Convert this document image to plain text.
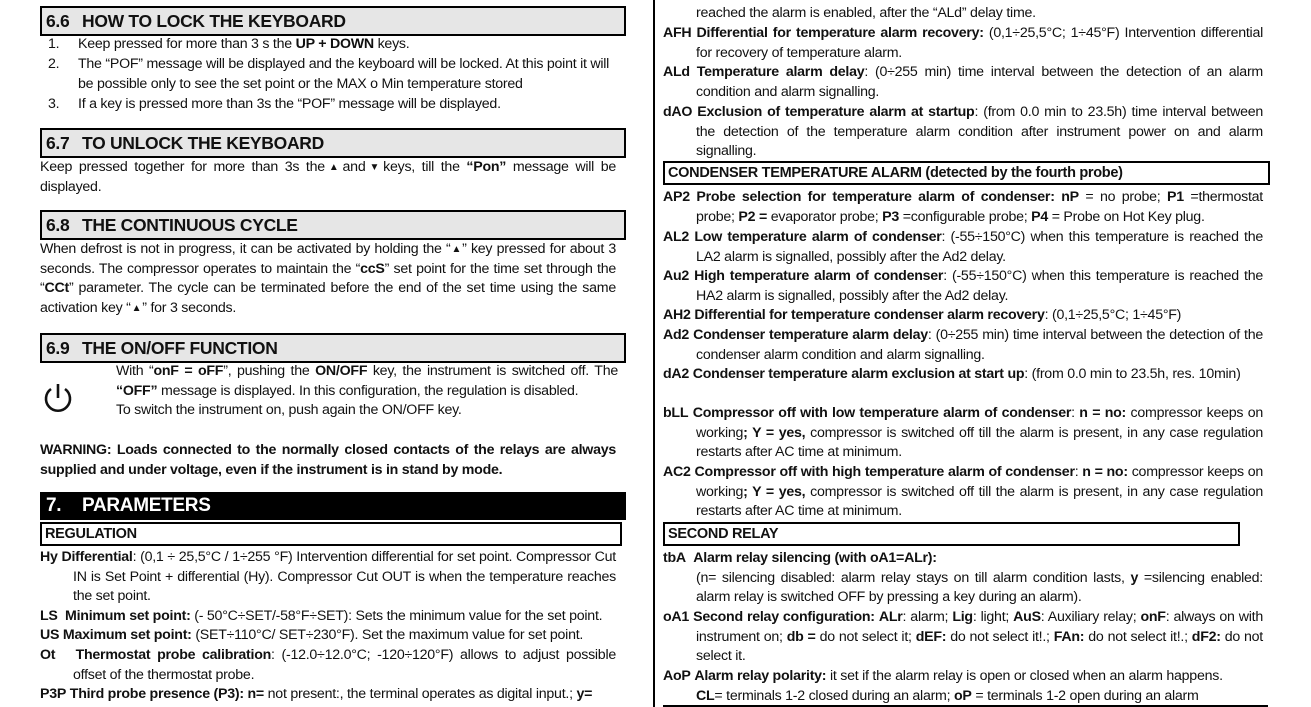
6.6 HOW TO LOCK THE KEYBOARD
1.	Keep pressed for more than 3 s the UP + DOWN keys.
2.	The “POF” message will be displayed and the keyboard will be locked. At this point it will
be possible only to see the set point or the MAX o Min temperature stored
3.	If a key is pressed more than 3s the “POF” message will be displayed.
6.7 TO UNLOCK THE KEYBOARD
Keep pressed together for more than 3s the ▲ and ▼ keys, till the “Pon” message will be displayed.
6.8 THE CONTINUOUS CYCLE
When defrost is not in progress, it can be activated by holding the “▲” key pressed for about 3 seconds. The compressor operates to maintain the “ccS” set point for the time set through the “CCt” parameter. The cycle can be terminated before the end of the set time using the same activation key “▲” for 3 seconds.
6.9 THE ON/OFF FUNCTION
With “onF = oFF”, pushing the ON/OFF key, the instrument is switched off. The “OFF” message is displayed. In this configuration, the regulation is disabled.
To switch the instrument on, push again the ON/OFF key.
WARNING: Loads connected to the normally closed contacts of the relays are always supplied and under voltage, even if the instrument is in stand by mode.
7. PARAMETERS
REGULATION
Hy Differential: (0,1 ÷ 25,5°C / 1÷255 °F) Intervention differential for set point. Compressor Cut IN is Set Point + differential (Hy). Compressor Cut OUT is when the temperature reaches the set point.
LS Minimum set point: (- 50°C÷SET/-58°F÷SET): Sets the minimum value for the set point.
US Maximum set point: (SET÷110°C/ SET÷230°F). Set the maximum value for set point.
Ot Thermostat probe calibration: (-12.0÷12.0°C; -120÷120°F) allows to adjust possible offset of the thermostat probe.
P3P Third probe presence (P3): n= not present:, the terminal operates as digital input.; y=
reached the alarm is enabled, after the “ALd” delay time.
AFH Differential for temperature alarm recovery: (0,1÷25,5°C; 1÷45°F) Intervention differential for recovery of temperature alarm.
ALd Temperature alarm delay: (0÷255 min) time interval between the detection of an alarm condition and alarm signalling.
dAO Exclusion of temperature alarm at startup: (from 0.0 min to 23.5h) time interval between the detection of the temperature alarm condition after instrument power on and alarm signalling.
CONDENSER TEMPERATURE ALARM (detected by the fourth probe)
AP2 Probe selection for temperature alarm of condenser: nP = no probe; P1 =thermostat probe; P2 = evaporator probe; P3 =configurable probe; P4 = Probe on Hot Key plug.
AL2 Low temperature alarm of condenser: (-55÷150°C) when this temperature is reached the LA2 alarm is signalled, possibly after the Ad2 delay.
Au2 High temperature alarm of condenser: (-55÷150°C) when this temperature is reached the HA2 alarm is signalled, possibly after the Ad2 delay.
AH2 Differential for temperature condenser alarm recovery: (0,1÷25,5°C; 1÷45°F)
Ad2 Condenser temperature alarm delay: (0÷255 min) time interval between the detection of the condenser alarm condition and alarm signalling.
dA2 Condenser temperature alarm exclusion at start up: (from 0.0 min to 23.5h, res. 10min)
bLL Compressor off with low temperature alarm of condenser: n = no: compressor keeps on working; Y = yes, compressor is switched off till the alarm is present, in any case regulation restarts after AC time at minimum.
AC2 Compressor off with high temperature alarm of condenser: n = no: compressor keeps on working; Y = yes, compressor is switched off till the alarm is present, in any case regulation restarts after AC time at minimum.
SECOND RELAY
tbA Alarm relay silencing (with oA1=ALr):
(n= silencing disabled: alarm relay stays on till alarm condition lasts, y =silencing enabled: alarm relay is switched OFF by pressing a key during an alarm).
oA1 Second relay configuration: ALr: alarm; Lig: light; AuS: Auxiliary relay; onF: always on with instrument on; db = do not select it; dEF: do not select it!.; FAn: do not select it!.; dF2: do not select it.
AoP Alarm relay polarity: it set if the alarm relay is open or closed when an alarm happens.
CL= terminals 1-2 closed during an alarm; oP = terminals 1-2 open during an alarm
